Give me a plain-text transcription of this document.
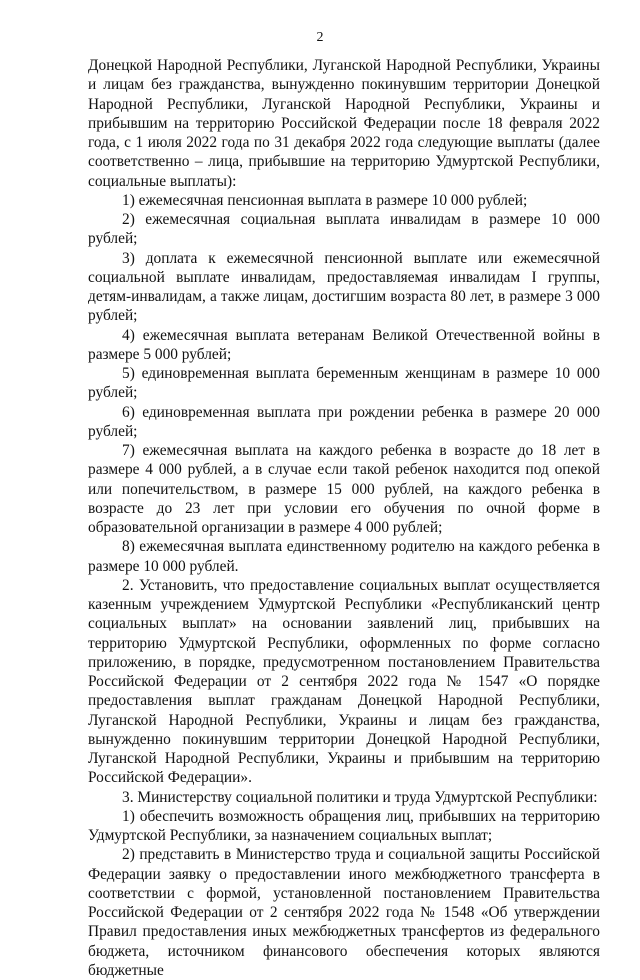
2

Донецкой Народной Республики, Луганской Народной Республики, Украины и лицам без гражданства, вынужденно покинувшим территории Донецкой Народной Республики, Луганской Народной Республики, Украины и прибывшим на территорию Российской Федерации после 18 февраля 2022 года, с 1 июля 2022 года по 31 декабря 2022 года следующие выплаты (далее соответственно – лица, прибывшие на территорию Удмуртской Республики, социальные выплаты):

1) ежемесячная пенсионная выплата в размере 10 000 рублей;

2) ежемесячная социальная выплата инвалидам в размере 10 000 рублей;

3) доплата к ежемесячной пенсионной выплате или ежемесячной социальной выплате инвалидам, предоставляемая инвалидам I группы, детям-инвалидам, а также лицам, достигшим возраста 80 лет, в размере 3 000 рублей;

4) ежемесячная выплата ветеранам Великой Отечественной войны в размере 5 000 рублей;

5) единовременная выплата беременным женщинам в размере 10 000 рублей;

6) единовременная выплата при рождении ребенка в размере 20 000 рублей;

7) ежемесячная выплата на каждого ребенка в возрасте до 18 лет в размере 4 000 рублей, а в случае если такой ребенок находится под опекой или попечительством, в размере 15 000 рублей, на каждого ребенка в возрасте до 23 лет при условии его обучения по очной форме в образовательной организации в размере 4 000 рублей;

8) ежемесячная выплата единственному родителю на каждого ребенка в размере 10 000 рублей.

2. Установить, что предоставление социальных выплат осуществляется казенным учреждением Удмуртской Республики «Республиканский центр социальных выплат» на основании заявлений лиц, прибывших на территорию Удмуртской Республики, оформленных по форме согласно приложению, в порядке, предусмотренном постановлением Правительства Российской Федерации от 2 сентября 2022 года № 1547 «О порядке предоставления выплат гражданам Донецкой Народной Республики, Луганской Народной Республики, Украины и лицам без гражданства, вынужденно покинувшим территории Донецкой Народной Республики, Луганской Народной Республики, Украины и прибывшим на территорию Российской Федерации».

3. Министерству социальной политики и труда Удмуртской Республики:

1) обеспечить возможность обращения лиц, прибывших на территорию Удмуртской Республики, за назначением социальных выплат;

2) представить в Министерство труда и социальной защиты Российской Федерации заявку о предоставлении иного межбюджетного трансферта в соответствии с формой, установленной постановлением Правительства Российской Федерации от 2 сентября 2022 года № 1548 «Об утверждении Правил предоставления иных межбюджетных трансфертов из федерального бюджета, источником финансового обеспечения которых являются бюджетные
